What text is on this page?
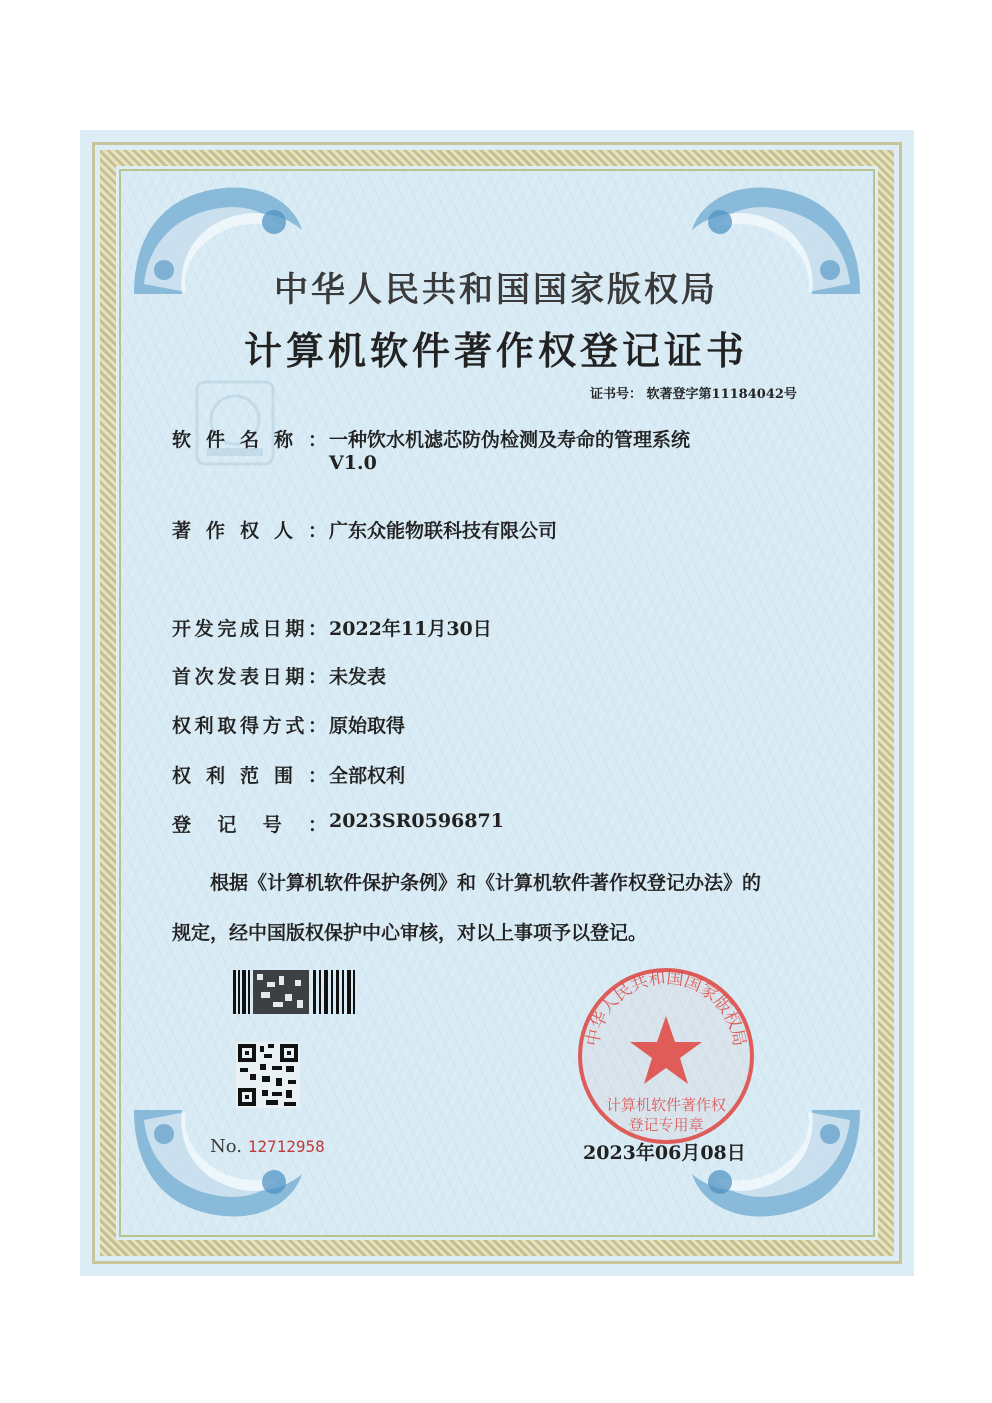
中华人民共和国国家版权局
计算机软件著作权登记证书
证书号： 软著登字第11184042号
软件名称： 一种饮水机滤芯防伪检测及寿命的管理系统
V1.0
著作权人： 广东众能物联科技有限公司
开发完成日期： 2022年11月30日
首次发表日期： 未发表
权利取得方式： 原始取得
权利范围： 全部权利
登记号： 2023SR0596871
根据《计算机软件保护条例》和《计算机软件著作权登记办法》的
规定，经中国版权保护中心审核，对以上事项予以登记。
No. 12712958
中华人民共和国国家版权局
计算机软件著作权
登记专用章
2023年06月08日
